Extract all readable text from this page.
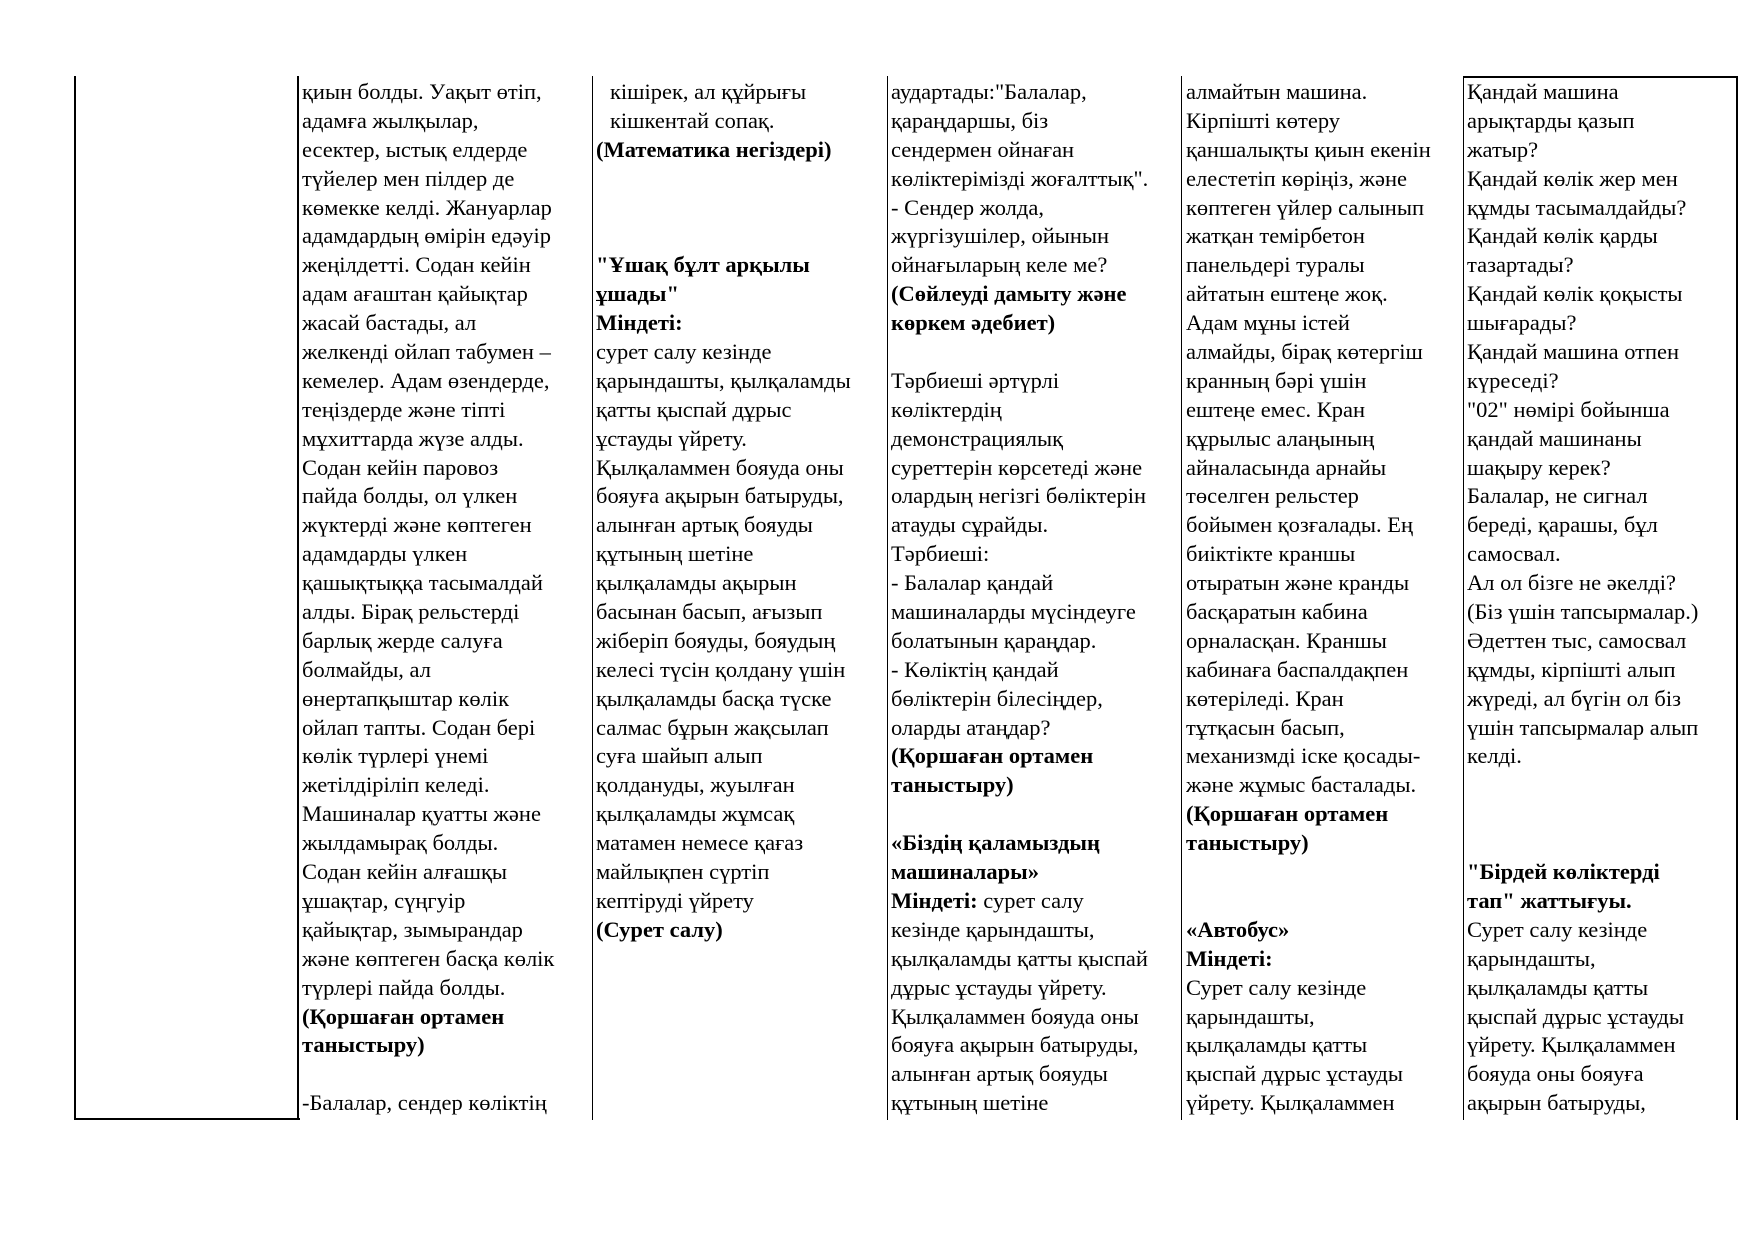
қиын болды. Уақыт өтіп,
адамға жылқылар,
есектер, ыстық елдерде
түйелер мен пілдер де
көмекке келді. Жануарлар
адамдардың өмірін едәуір
жеңілдетті. Содан кейін
адам ағаштан қайықтар
жасай бастады, ал
желкенді ойлап табумен –
кемелер. Адам өзендерде,
теңіздерде және тіпті
мұхиттарда жүзе алды.
Содан кейін паровоз
пайда болды, ол үлкен
жүктерді және көптеген
адамдарды үлкен
қашықтыққа тасымалдай
алды. Бірақ рельстерді
барлық жерде салуға
болмайды, ал
өнертапқыштар көлік
ойлап тапты. Содан бері
көлік түрлері үнемі
жетілдіріліп келеді.
Машиналар қуатты және
жылдамырақ болды.
Содан кейін алғашқы
ұшақтар, сүңгуір
қайықтар, зымырандар
және көптеген басқа көлік
түрлері пайда болды.
(Қоршаған ортамен
таныстыру)

-Балалар, сендер көліктің
кішірек, ал құйрығы
кішкентай сопақ.
(Математика негіздері)

"Ұшақ бұлт арқылы
ұшады"
Міндеті:
сурет салу кезінде
қарындашты, қылқаламды
қатты қыспай дұрыс
ұстауды үйрету.
Қылқаламмен бояуда оны
бояуға ақырын батыруды,
алынған артық бояуды
құтының шетіне
қылқаламды ақырын
басынан басып, ағызып
жіберіп бояуды, бояудың
келесі түсін қолдану үшін
қылқаламды басқа түске
салмас бұрын жақсылап
суға шайып алып
қолдануды, жуылған
қылқаламды жұмсақ
матамен немесе қағаз
майлықпен сүртіп
кептіруді үйрету
(Сурет салу)
аудартады:"Балалар,
қараңдаршы, біз
сендермен ойнаған
көліктерімізді жоғалттық".
- Сендер жолда,
жүргізушілер, ойынын
ойнағыларың келе ме?
(Сөйлеуді дамыту және
көркем әдебиет)

Тәрбиеші әртүрлі
көліктердің
демонстрациялық
суреттерін көрсетеді және
олардың негізгі бөліктерін
атауды сұрайды.
Тәрбиеші:
- Балалар қандай
машиналарды мүсіндеуге
болатынын қараңдар.
- Көліктің қандай
бөліктерін білесіңдер,
оларды атаңдар?
(Қоршаған ортамен
таныстыру)

«Біздің қаламыздың
машиналары»
Міндеті: сурет салу
кезінде қарындашты,
қылқаламды қатты қыспай
дұрыс ұстауды үйрету.
Қылқаламмен бояуда оны
бояуға ақырын батыруды,
алынған артық бояуды
құтының шетіне
алмайтын машина.
Кірпішті көтеру
қаншалықты қиын екенін
елестетіп көріңіз, және
көптеген үйлер салынып
жатқан темірбетон
панельдері туралы
айтатын ештеңе жоқ.
Адам мұны істей
алмайды, бірақ көтергіш
кранның бәрі үшін
ештеңе емес. Кран
құрылыс алаңының
айналасында арнайы
төселген рельстер
бойымен қозғалады. Ең
биіктікте краншы
отыратын және кранды
басқаратын кабина
орналасқан. Краншы
кабинаға баспалдақпен
көтеріледі. Кран
тұтқасын басып,
механизмді іске қосады-
және жұмыс басталады.
(Қоршаған ортамен
таныстыру)

«Автобус»
Міндеті:
Сурет салу кезінде
қарындашты,
қылқаламды қатты
қыспай дұрыс ұстауды
үйрету. Қылқаламмен
Қандай машина
арықтарды қазып
жатыр?
Қандай көлік жер мен
құмды тасымалдайды?
Қандай көлік қарды
тазартады?
Қандай көлік қоқысты
шығарады?
Қандай машина отпен
күреседі?
"02" нөмірі бойынша
қандай машинаны
шақыру керек?
Балалар, не сигнал
береді, қарашы, бұл
самосвал.
Ал ол бізге не әкелді?
(Біз үшін тапсырмалар.)
Әдеттен тыс, самосвал
құмды, кірпішті алып
жүреді, ал бүгін ол біз
үшін тапсырмалар алып
келді.

"Бірдей көліктерді
тап" жаттығуы.
Сурет салу кезінде
қарындашты,
қылқаламды қатты
қыспай дұрыс ұстауды
үйрету. Қылқаламмен
бояуда оны бояуға
ақырын батыруды,
